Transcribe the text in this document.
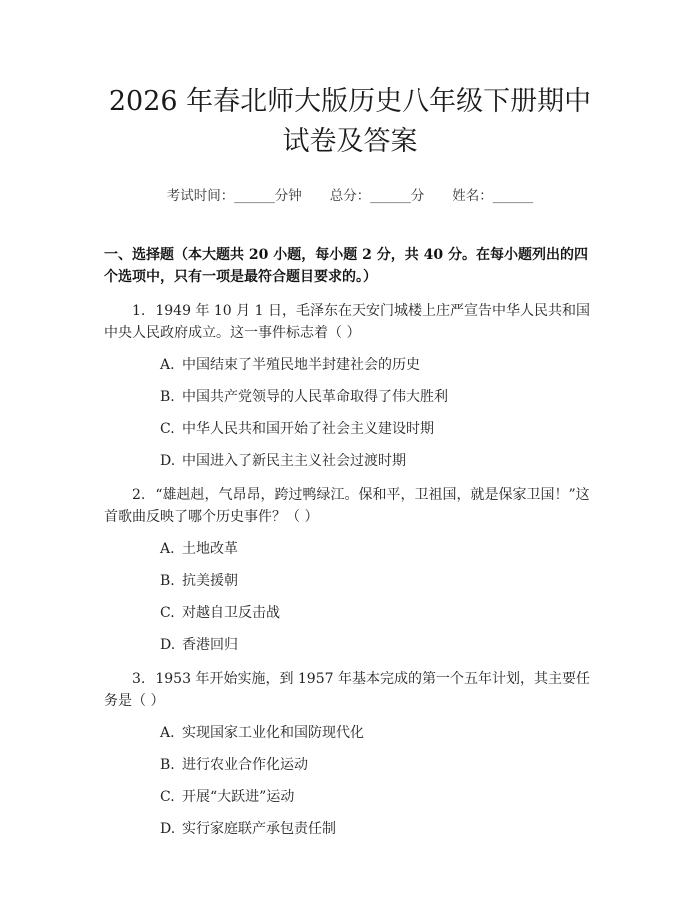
2026 年春北师大版历史八年级下册期中试卷及答案
考试时间：______分钟 总分：______分 姓名：______
一、选择题（本大题共 20 小题，每小题 2 分，共 40 分。在每小题列出的四个选项中，只有一项是最符合题目要求的。）
1. 1949 年 10 月 1 日，毛泽东在天安门城楼上庄严宣告中华人民共和国中央人民政府成立。这一事件标志着（ ）
A. 中国结束了半殖民地半封建社会的历史
B. 中国共产党领导的人民革命取得了伟大胜利
C. 中华人民共和国开始了社会主义建设时期
D. 中国进入了新民主主义社会过渡时期
2. “雄赳赳，气昂昂，跨过鸭绿江。保和平，卫祖国，就是保家卫国！”这首歌曲反映了哪个历史事件？（ ）
A. 土地改革
B. 抗美援朝
C. 对越自卫反击战
D. 香港回归
3. 1953 年开始实施，到 1957 年基本完成的第一个五年计划，其主要任务是（ ）
A. 实现国家工业化和国防现代化
B. 进行农业合作化运动
C. 开展“大跃进”运动
D. 实行家庭联产承包责任制
